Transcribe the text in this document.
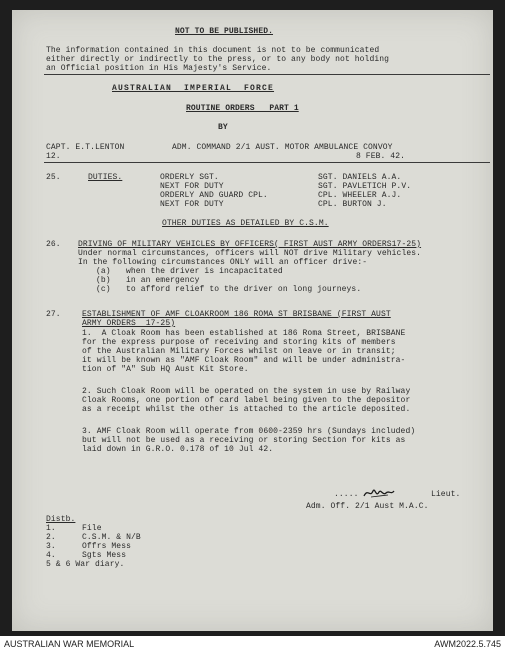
NOT TO BE PUBLISHED.
The information contained in this document is not to be communicated
either directly or indirectly to the press, or to any body not holding
an Official position in His Majesty's Service.
AUSTRALIAN  IMPERIAL  FORCE
ROUTINE ORDERS   PART 1
BY
CAPT. E.T.LENTON	ADM. COMMAND 2/1 AUST. MOTOR AMBULANCE CONVOY
12.	8 FEB. 42.
25.	DUTIES.	ORDERLY SGT.	SGT. DANIELS A.A.
NEXT FOR DUTY	SGT. PAVLETICH P.V.
ORDERLY AND GUARD CPL.	CPL. WHEELER A.J.
NEXT FOR DUTY	CPL. BURTON J.
OTHER DUTIES AS DETAILED BY C.S.M.
26. DRIVING OF MILITARY VEHICLES BY OFFICERS( FIRST AUST ARMY ORDERS17-25)
Under normal circumstances, officers will NOT drive Military vehicles.
In the following circumstances ONLY will an officer drive:-
(a) when the driver is incapacitated
(b) in an emergency
(c) to afford relief to the driver on long journeys.
27.	ESTABLISHMENT OF AMF CLOAKROOM 186 ROMA ST BRISBANE (FIRST AUST
ARMY ORDERS  17-25)
1.  A Cloak Room has been established at 186 Roma Street, BRISBANE
for the express purpose of receiving and storing kits of members
of the Australian Military Forces whilst on leave or in transit;
it will be known as "AMF Cloak Room" and will be under administra-
tion of "A" Sub HQ Aust Kit Store.
2. Such Cloak Room will be operated on the system in use by Railway
Cloak Rooms, one portion of card label being given to the depositor
as a receipt whilst the other is attached to the article deposited.
3. AMF Cloak Room will operate from 0600-2359 hrs (Sundays included)
but will not be used as a receiving or storing Section for kits as
laid down in G.R.O. 0.178 of 10 Jul 42.
.....	Lieut.
Adm. Off. 2/1 Aust M.A.C.
Distb.
1.	File
2.	C.S.M. & N/B
3.	Offrs Mess
4.	Sgts Mess
5 & 6 War diary.
AUSTRALIAN WAR MEMORIAL	AWM2022.5.745
